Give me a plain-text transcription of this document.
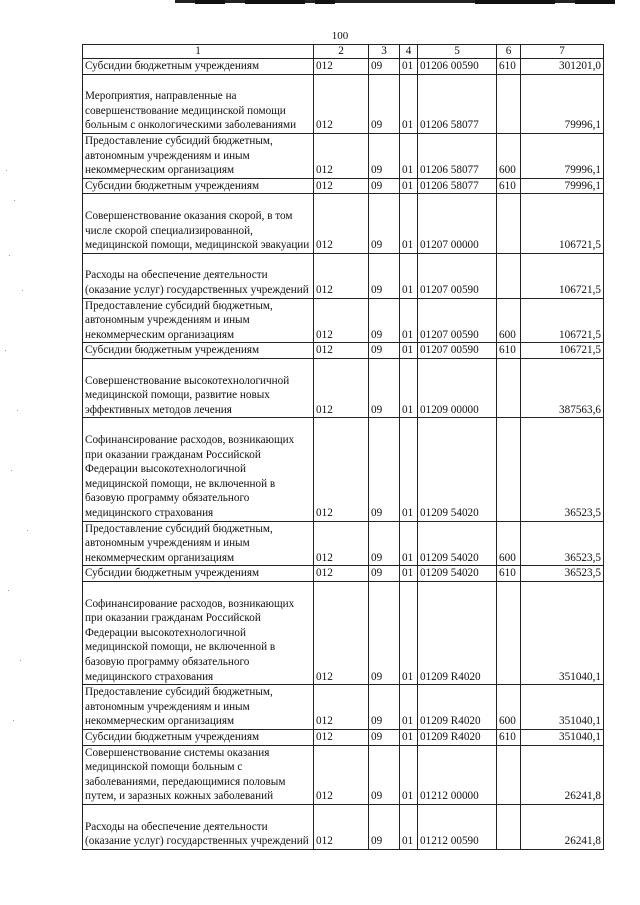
100
1	2	3	4	5	6	7
Субсидии бюджетным учреждениям	012	09	01	01206 00590	610	301201,0
Мероприятия, направленные на совершенствование медицинской помощи больным с онкологическими заболеваниями	012	09	01	01206 58077		79996,1
Предоставление субсидий бюджетным, автономным учреждениям и иным некоммерческим организациям	012	09	01	01206 58077	600	79996,1
Субсидии бюджетным учреждениям	012	09	01	01206 58077	610	79996,1
Совершенствование оказания скорой, в том числе скорой специализированной, медицинской помощи, медицинской эвакуации	012	09	01	01207 00000		106721,5
Расходы на обеспечение деятельности (оказание услуг) государственных учреждений	012	09	01	01207 00590		106721,5
Предоставление субсидий бюджетным, автономным учреждениям и иным некоммерческим организациям	012	09	01	01207 00590	600	106721,5
Субсидии бюджетным учреждениям	012	09	01	01207 00590	610	106721,5
Совершенствование высокотехнологичной медицинской помощи, развитие новых эффективных методов лечения	012	09	01	01209 00000		387563,6
Софинансирование расходов, возникающих при оказании гражданам Российской Федерации высокотехнологичной медицинской помощи, не включенной в базовую программу обязательного медицинского страхования	012	09	01	01209 54020		36523,5
Предоставление субсидий бюджетным, автономным учреждениям и иным некоммерческим организациям	012	09	01	01209 54020	600	36523,5
Субсидии бюджетным учреждениям	012	09	01	01209 54020	610	36523,5
Софинансирование расходов, возникающих при оказании гражданам Российской Федерации высокотехнологичной медицинской помощи, не включенной в базовую программу обязательного медицинского страхования	012	09	01	01209 R4020		351040,1
Предоставление субсидий бюджетным, автономным учреждениям и иным некоммерческим организациям	012	09	01	01209 R4020	600	351040,1
Субсидии бюджетным учреждениям	012	09	01	01209 R4020	610	351040,1
Совершенствование системы оказания медицинской помощи больным с заболеваниями, передающимися половым путем, и заразных кожных заболеваний	012	09	01	01212 00000		26241,8
Расходы на обеспечение деятельности (оказание услуг) государственных учреждений	012	09	01	01212 00590		26241,8
